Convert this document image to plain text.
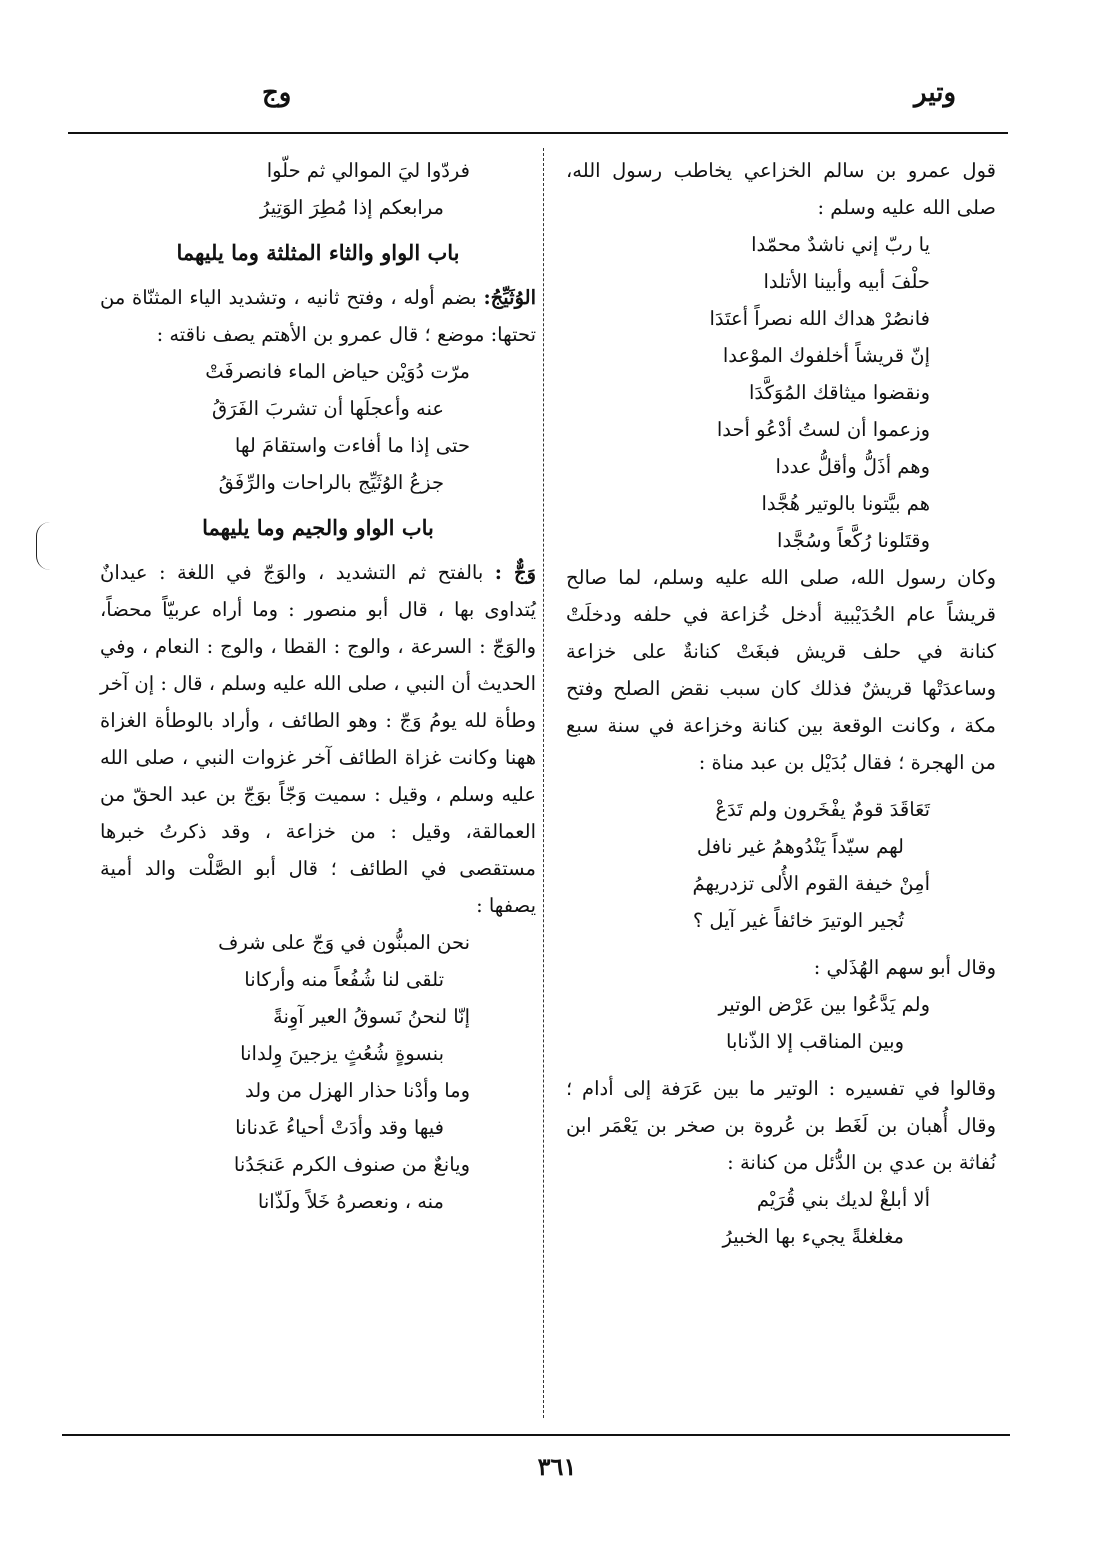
وتير
وج

قول عمرو بن سالم الخزاعي يخاطب رسول الله، صلى الله عليه وسلم :

يا ربّ إني ناشدٌ محمّدا

حلْفَ أبيه وأبينا الأتلدا

فانصُرْ هداك الله نصراً أعتَدَا

إنّ قريشاً أخلفوك الموْعدا

ونقضوا ميثاقك المُوَكَّدَا

وزعموا أن لستُ أدْعُو أحدا

وهم أذَلُّ وأقلُّ عددا

هم بيَّتونا بالوتير هُجَّدا

وقتَلونا رُكَّعاً وسُجَّدا

وكان رسول الله، صلى الله عليه وسلم، لما صالح قريشاً عام الحُدَيْبية أدخل خُزاعة في حلفه ودخلَتْ كنانة في حلف قريش فبغَتْ كنانةٌ على خزاعة وساعدَتْها قريشٌ فذلك كان سبب نقض الصلح وفتح مكة ، وكانت الوقعة بين كنانة وخزاعة في سنة سبع من الهجرة ؛ فقال بُدَيْل بن عبد مناة :

تَعَاقَدَ قومٌ يفْخَرون ولم تَدَعْ

لهم سيّداً يَنْدُوهمُ غير نافل

أمِنْ خيفة القوم الأُلى تزدريهمُ

تُجير الوتيرَ خائفاً غير آيل ؟

وقال أبو سهم الهُذَلي :

ولم يَدَّعُوا بين عَرْض الوتير

وبين المناقب إلا الذّنابا

وقالوا في تفسيره : الوتير ما بين عَرَفة إلى أدام ؛ وقال أُهبان بن لَغَط بن عُروة بن صخر بن يَعْمَر ابن نُفاثة بن عدي بن الدُّئل من كنانة :

ألا أبلغْ لديك بني قُرَيْم

مغلغلةً يجيء بها الخبيرُ

فردّوا ليَ الموالي ثم حلّوا

مرابعكم إذا مُطِرَ الوَتِيرُ

باب الواو والثاء المثلثة وما يليهما

الوُثَيِّجُ: بضم أوله ، وفتح ثانيه ، وتشديد الياء المثنّاة من تحتها: موضع ؛ قال عمرو بن الأهتم يصف ناقته :

مرّت دُوَيْن حياض الماء فانصرفَتْ

عنه وأعجلَها أن تشربَ الفَرَقُ

حتى إذا ما أفاءت واستقامَ لها

جزعُ الوُثَيِّج بالراحات والرِّفَقُ

باب الواو والجيم وما يليهما

وَجٌّ : بالفتح ثم التشديد ، والوَجّ في اللغة : عيدانٌ يُتداوى بها ، قال أبو منصور : وما أراه عربيّاً محضاً، والوَجّ : السرعة ، والوج : القطا ، والوج : النعام ، وفي الحديث أن النبي ، صلى الله عليه وسلم ، قال : إن آخر وطأة لله يومُ وَجّ : وهو الطائف ، وأراد بالوطأة الغزاة ههنا وكانت غزاة الطائف آخر غزوات النبي ، صلى الله عليه وسلم ، وقيل : سميت وَجّاً بوَجّ بن عبد الحقّ من العمالقة، وقيل : من خزاعة ، وقد ذكرتُ خبرها مستقصى في الطائف ؛ قال أبو الصَّلْت والد أمية يصفها :

نحن المبنُّون في وَجّ على شرف

تلقى لنا شُفُعاً منه وأركانا

إنّا لنحنُ نَسوقُ العير آوِنةً

بنسوةٍ شُعُثٍ يزجينَ وِلدانا

وما وأدْنا حذار الهزل من ولد

فيها وقد وأدَتْ أحياءُ عَدنانا

ويانعٌ من صنوف الكرم عَنجَدُنا

منه ، ونعصرهُ خَلاً ولَذّانا

٣٦١
